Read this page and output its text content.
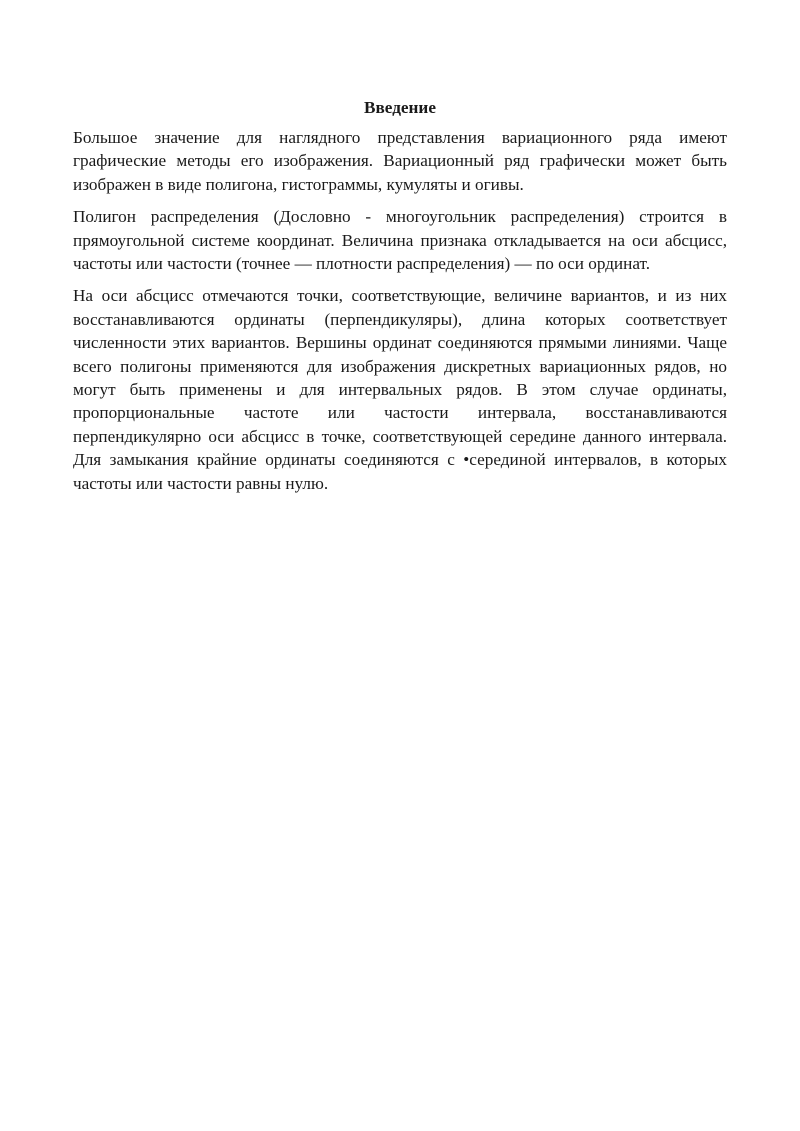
Введение

Большое значение для наглядного представления вариационного ряда имеют графические методы его изображения. Вариационный ряд графически может быть изображен в виде полигона, гистограммы, кумуляты и огивы.

Полигон распределения (Дословно - многоугольник распределения) строится в прямоугольной системе координат. Величина признака откладывается на оси абсцисс, частоты или частости (точнее — плотности распределения) — по оси ординат.

На оси абсцисс отмечаются точки, соответствующие, величине вариантов, и из них восстанавливаются ординаты (перпендикуляры), длина которых соответствует численности этих вариантов. Вершины ординат соединяются прямыми линиями. Чаще всего полигоны применяются для изображения дискретных вариационных рядов, но могут быть применены и для интервальных рядов. В этом случае ординаты, пропорциональные частоте или частости интервала, восстанавливаются перпендикулярно оси абсцисс в точке, соответствующей середине данного интервала. Для замыкания крайние ординаты соединяются с •серединой интервалов, в которых частоты или частости равны нулю.
